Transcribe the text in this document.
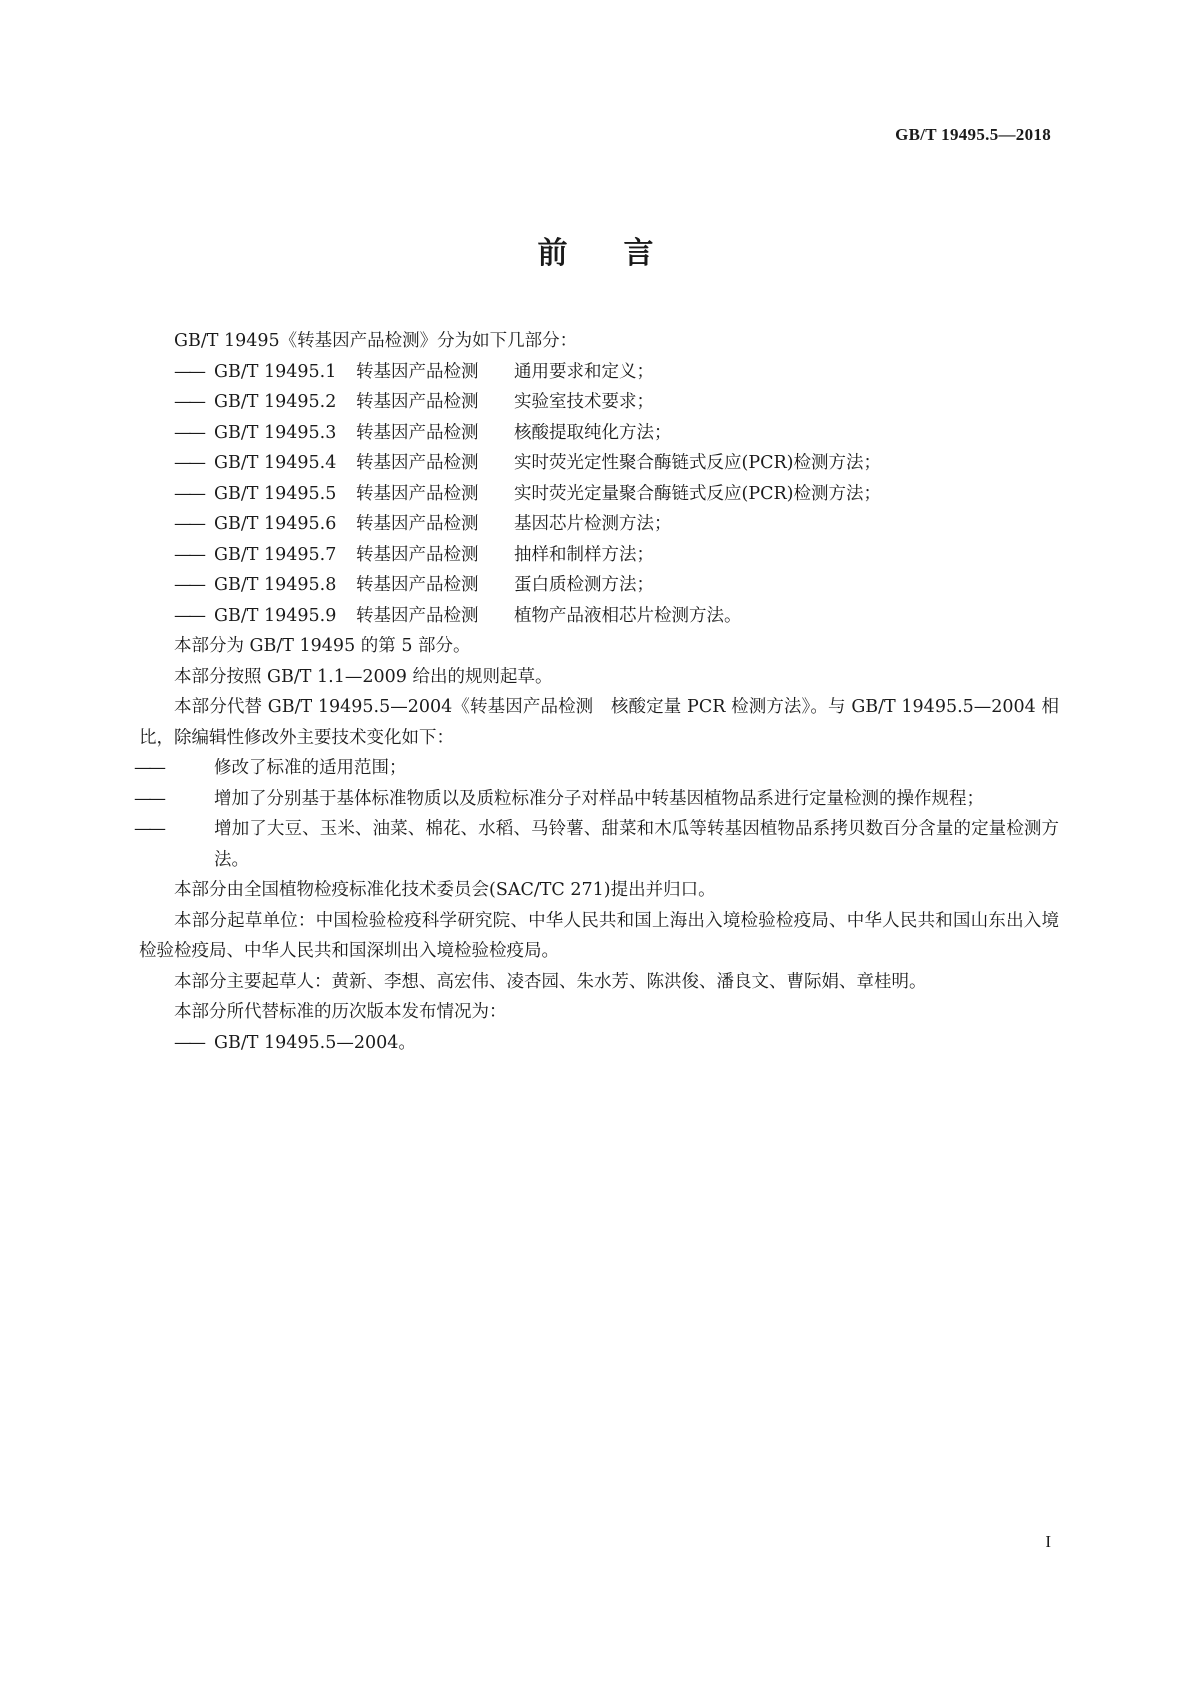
GB/T 19495.5—2018
前言

GB/T 19495《转基因产品检测》分为如下几部分：

—— GB/T 19495.1 转基因产品检测 通用要求和定义；

—— GB/T 19495.2 转基因产品检测 实验室技术要求；

—— GB/T 19495.3 转基因产品检测 核酸提取纯化方法；

—— GB/T 19495.4 转基因产品检测 实时荧光定性聚合酶链式反应(PCR)检测方法；

—— GB/T 19495.5 转基因产品检测 实时荧光定量聚合酶链式反应(PCR)检测方法；

—— GB/T 19495.6 转基因产品检测 基因芯片检测方法；

—— GB/T 19495.7 转基因产品检测 抽样和制样方法；

—— GB/T 19495.8 转基因产品检测 蛋白质检测方法；

—— GB/T 19495.9 转基因产品检测 植物产品液相芯片检测方法。

本部分为 GB/T 19495 的第 5 部分。

本部分按照 GB/T 1.1—2009 给出的规则起草。

本部分代替 GB/T 19495.5—2004《转基因产品检测　核酸定量 PCR 检测方法》。与 GB/T 19495.5—2004 相比，除编辑性修改外主要技术变化如下：

——	修改了标准的适用范围；

——	增加了分别基于基体标准物质以及质粒标准分子对样品中转基因植物品系进行定量检测的操作规程；

——	增加了大豆、玉米、油菜、棉花、水稻、马铃薯、甜菜和木瓜等转基因植物品系拷贝数百分含量的定量检测方法。

本部分由全国植物检疫标准化技术委员会(SAC/TC 271)提出并归口。

本部分起草单位：中国检验检疫科学研究院、中华人民共和国上海出入境检验检疫局、中华人民共和国山东出入境检验检疫局、中华人民共和国深圳出入境检验检疫局。

本部分主要起草人：黄新、李想、高宏伟、凌杏园、朱水芳、陈洪俊、潘良文、曹际娟、章桂明。

本部分所代替标准的历次版本发布情况为：

—— GB/T 19495.5—2004。

I
